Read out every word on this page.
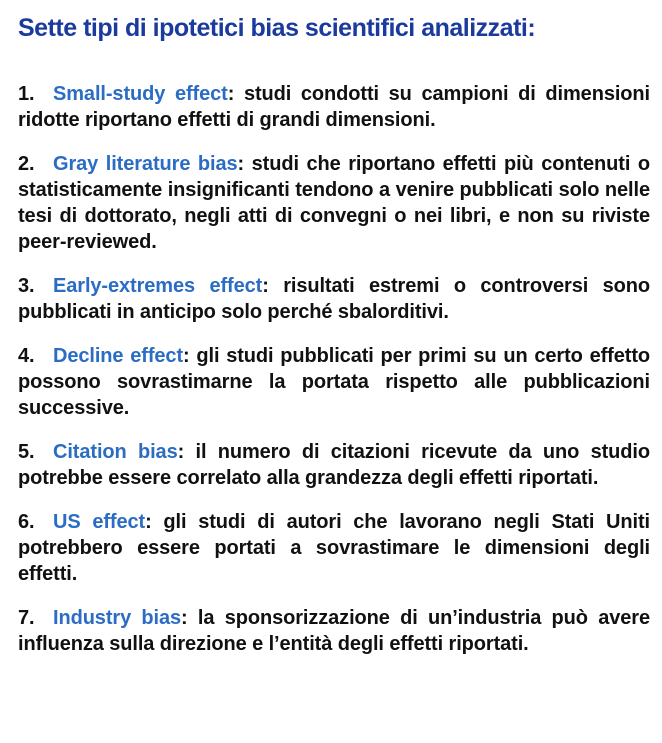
Sette tipi di ipotetici bias scientifici analizzati:
1. Small-study effect: studi condotti su campioni di dimensioni ridotte riportano effetti di grandi dimensioni.
2. Gray literature bias: studi che riportano effetti più contenuti o statisticamente insignificanti tendono a venire pubblicati solo nelle tesi di dottorato, negli atti di convegni o nei libri, e non su riviste peer-reviewed.
3. Early-extremes effect: risultati estremi o controversi sono pubblicati in anticipo solo perché sbalorditivi.
4. Decline effect: gli studi pubblicati per primi su un certo effetto possono sovrastimarne la portata rispetto alle pubblicazioni successive.
5. Citation bias: il numero di citazioni ricevute da uno studio potrebbe essere correlato alla grandezza degli effetti riportati.
6. US effect: gli studi di autori che lavorano negli Stati Uniti potrebbero essere portati a sovrastimare le dimensioni degli effetti.
7. Industry bias: la sponsorizzazione di un’industria può avere influenza sulla direzione e l’entità degli effetti riportati.
